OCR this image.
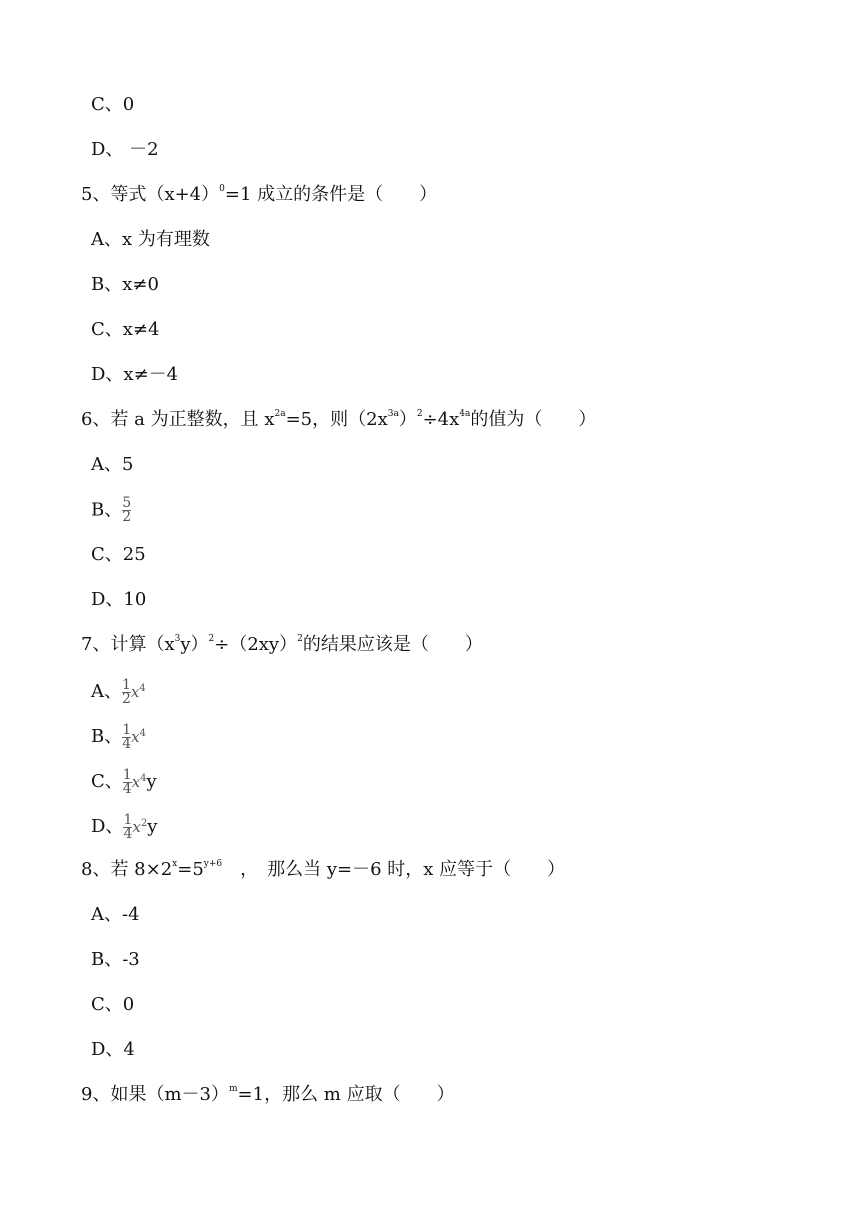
C、0
D、 －2
5、等式$(x+4)^0=1$ 成立的条件是（　　）
A、x 为有理数
B、x≠0
C、x≠4
D、x≠－4
6、若 a 为正整数，且 $x^{2a}=5$，则$(2x^{3a})^2\div 4x^{4a}$的值为（　　）
A、5
B、 $\frac{5}{2}$
C、25
D、10
7、计算$(x^3y)^2\div(2xy)^2$的结果应该是（　　）
A、 $\frac{1}{2} x^4$
B、 $\frac{1}{4} x^4$
C、 $\frac{1}{4} x^4y$
D、 $\frac{1}{4} x^2y$
8、若 $8\times 2^x=5^{y+6}$　，　那么当 y=－6 时，x 应等于（　　）
A、-4
B、-3
C、0
D、4
9、如果$(m-3)^m=1$，那么 m 应取（　　）
